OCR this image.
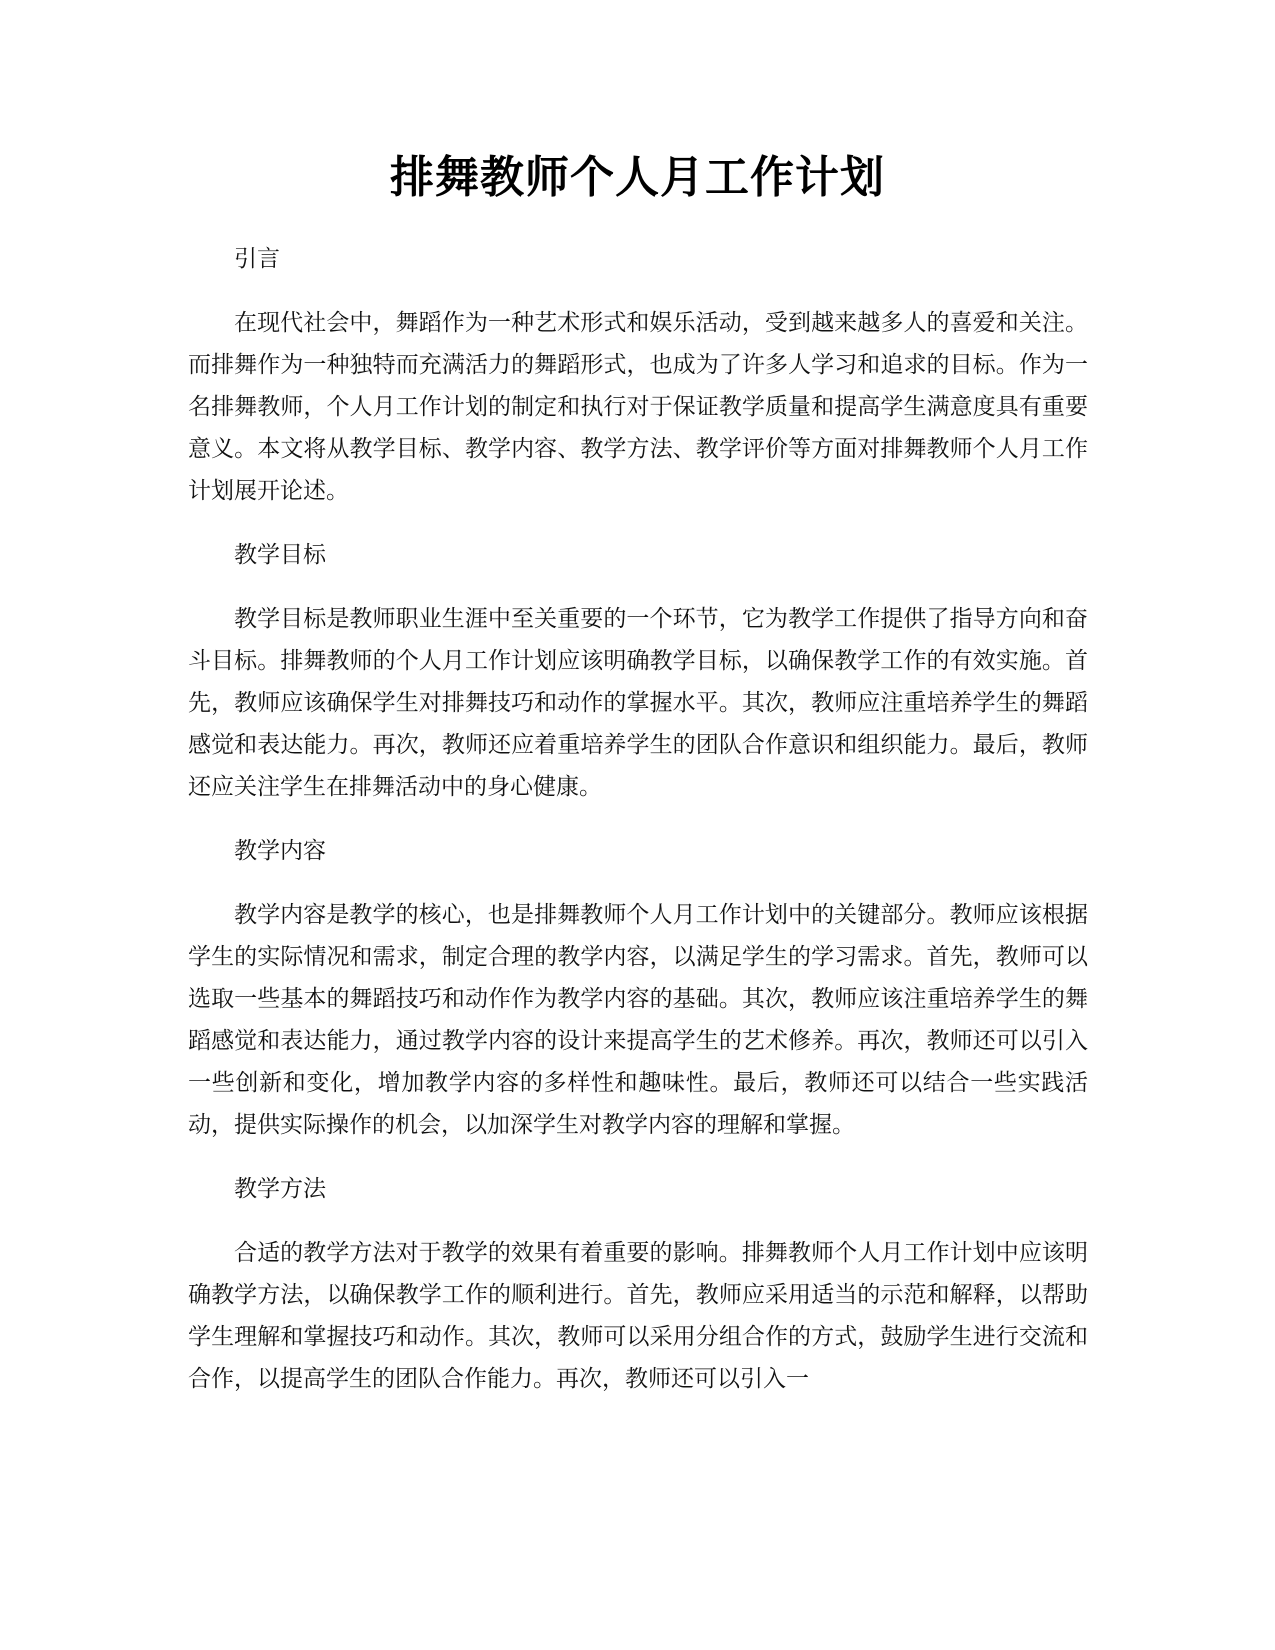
排舞教师个人月工作计划
引言
在现代社会中，舞蹈作为一种艺术形式和娱乐活动，受到越来越多人的喜爱和关注。而排舞作为一种独特而充满活力的舞蹈形式，也成为了许多人学习和追求的目标。作为一名排舞教师，个人月工作计划的制定和执行对于保证教学质量和提高学生满意度具有重要意义。本文将从教学目标、教学内容、教学方法、教学评价等方面对排舞教师个人月工作计划展开论述。
教学目标
教学目标是教师职业生涯中至关重要的一个环节，它为教学工作提供了指导方向和奋斗目标。排舞教师的个人月工作计划应该明确教学目标，以确保教学工作的有效实施。首先，教师应该确保学生对排舞技巧和动作的掌握水平。其次，教师应注重培养学生的舞蹈感觉和表达能力。再次，教师还应着重培养学生的团队合作意识和组织能力。最后，教师还应关注学生在排舞活动中的身心健康。
教学内容
教学内容是教学的核心，也是排舞教师个人月工作计划中的关键部分。教师应该根据学生的实际情况和需求，制定合理的教学内容，以满足学生的学习需求。首先，教师可以选取一些基本的舞蹈技巧和动作作为教学内容的基础。其次，教师应该注重培养学生的舞蹈感觉和表达能力，通过教学内容的设计来提高学生的艺术修养。再次，教师还可以引入一些创新和变化，增加教学内容的多样性和趣味性。最后，教师还可以结合一些实践活动，提供实际操作的机会，以加深学生对教学内容的理解和掌握。
教学方法
合适的教学方法对于教学的效果有着重要的影响。排舞教师个人月工作计划中应该明确教学方法，以确保教学工作的顺利进行。首先，教师应采用适当的示范和解释，以帮助学生理解和掌握技巧和动作。其次，教师可以采用分组合作的方式，鼓励学生进行交流和合作，以提高学生的团队合作能力。再次，教师还可以引入一
